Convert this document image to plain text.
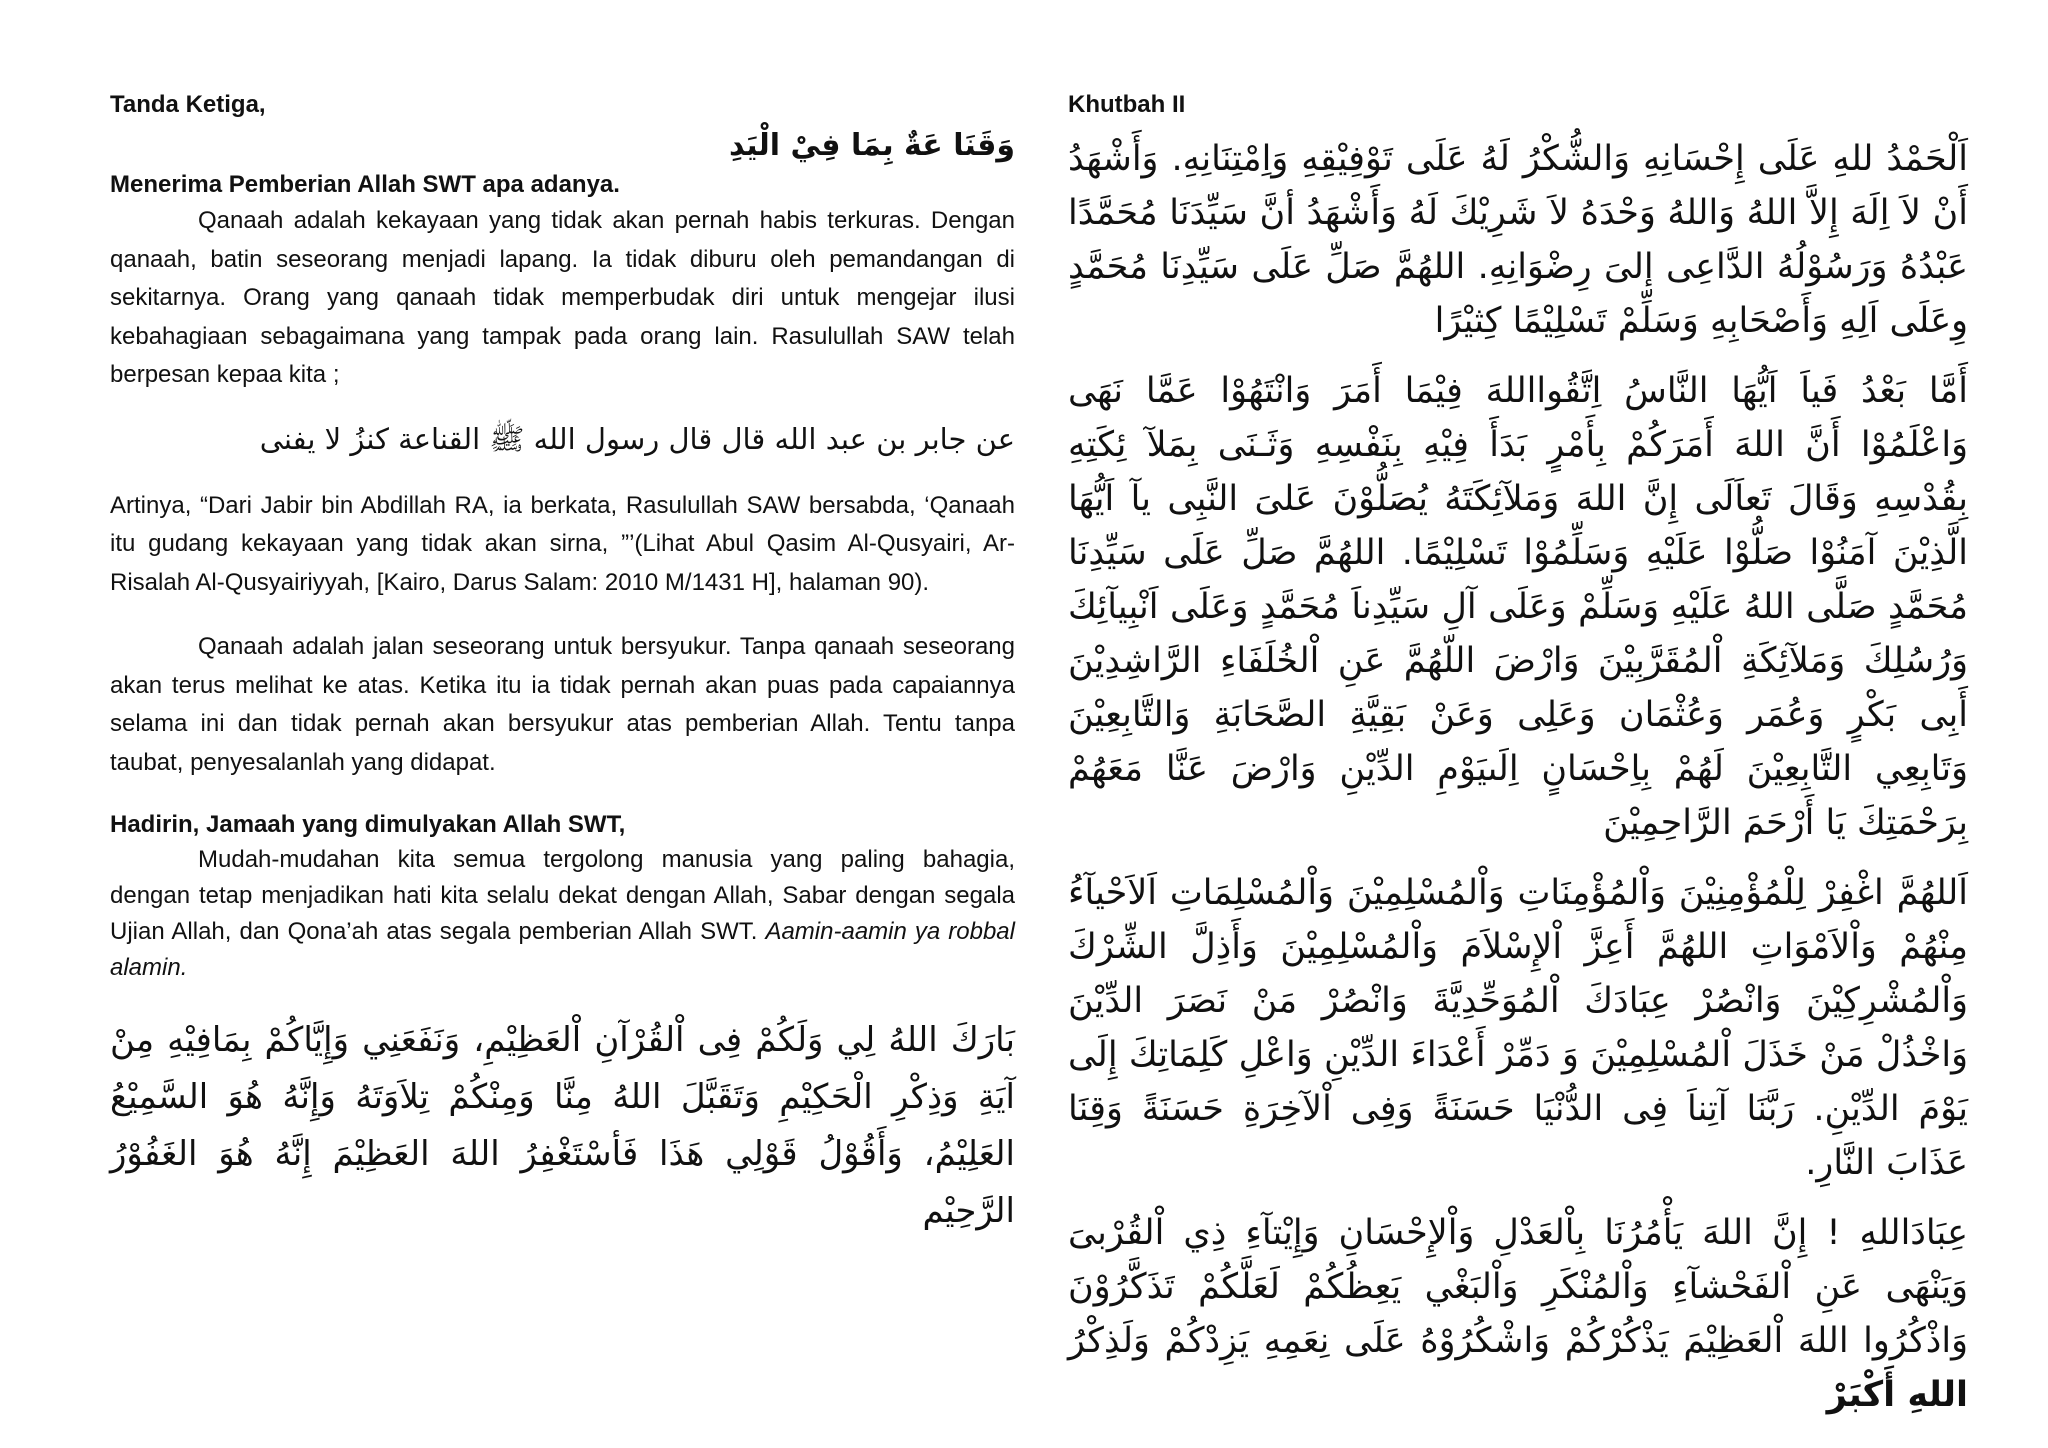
Tanda Ketiga,

وَقَنَا عَةٌ بِمَا فِيْ الْيَدِ

Menerima Pemberian Allah SWT apa adanya.

Qanaah adalah kekayaan yang tidak akan pernah habis terkuras. Dengan qanaah, batin seseorang menjadi lapang. Ia tidak diburu oleh pemandangan di sekitarnya. Orang yang qanaah tidak memperbudak diri untuk mengejar ilusi kebahagiaan sebagaimana yang tampak pada orang lain. Rasulullah SAW telah berpesan kepaa kita ;

عن جابر بن عبد الله قال قال رسول الله ﷺ القناعة كنزُ لا يفنى

Artinya, “Dari Jabir bin Abdillah RA, ia berkata, Rasulullah SAW bersabda, ‘Qanaah itu gudang kekayaan yang tidak akan sirna, ”’(Lihat Abul Qasim Al-Qusyairi, Ar-Risalah Al-Qusyairiyyah, [Kairo, Darus Salam: 2010 M/1431 H], halaman 90).

Qanaah adalah jalan seseorang untuk bersyukur. Tanpa qanaah seseorang akan terus melihat ke atas. Ketika itu ia tidak pernah akan puas pada capaiannya selama ini dan tidak pernah akan bersyukur atas pemberian Allah. Tentu tanpa taubat, penyesalanlah yang didapat.

Hadirin, Jamaah yang dimulyakan Allah SWT,

Mudah-mudahan kita semua tergolong manusia yang paling bahagia, dengan tetap menjadikan hati kita selalu dekat dengan Allah, Sabar dengan segala Ujian Allah, dan Qona’ah atas segala pemberian Allah SWT. Aamin-aamin ya robbal alamin.

بَارَكَ اللهُ لِي وَلَكُمْ فِى اْلقُرْآنِ اْلعَظِيْمِ، وَنَفَعَنِي وَإِيَّاكُمْ بِمَافِيْهِ مِنْ آيَةِ وَذِكْرِ الْحَكِيْمِ وَتَقَبَّلَ اللهُ مِنَّا وَمِنْكُمْ تِلاَوَتَهُ وَإِنَّهُ هُوَ السَّمِيْعُ العَلِيْمُ، وَأَقُوْلُ قَوْلِي هَذَا فَأسْتَغْفِرُ اللهَ العَظِيْمَ إِنَّهُ هُوَ الغَفُوْرُ الرَّحِيْم

Khutbah II

اَلْحَمْدُ للهِ عَلَى إِحْسَانِهِ وَالشُّكْرُ لَهُ عَلَى تَوْفِيْقِهِ وَاِمْتِنَانِهِ. وَأَشْهَدُ أَنْ لاَ اِلَهَ إِلاَّ اللهُ وَاللهُ وَحْدَهُ لاَ شَرِيْكَ لَهُ وَأَشْهَدُ أنَّ سَيِّدَنَا مُحَمَّدًا عَبْدُهُ وَرَسُوْلُهُ الدَّاعِى إلىَ رِضْوَانِهِ. اللهُمَّ صَلِّ عَلَى سَيِّدِنَا مُحَمَّدٍ وِعَلَى اَلِهِ وَأَصْحَابِهِ وَسَلِّمْ تَسْلِيْمًا كِثيْرًا

أَمَّا بَعْدُ فَياَ اَيُّهَا النَّاسُ اِتَّقُوااللهَ فِيْمَا أَمَرَ وَانْتَهُوْا عَمَّا نَهَى وَاعْلَمُوْا أَنَّ اللهَ أَمَرَكُمْ بِأَمْرٍ بَدَأَ فِيْهِ بِنَفْسِهِ وَثَـنَى بِمَلآ ئِكَتِهِ بِقُدْسِهِ وَقَالَ تَعاَلَى إِنَّ اللهَ وَمَلآئِكَتَهُ يُصَلُّوْنَ عَلىَ النَّبِى يآ اَيُّهَا الَّذِيْنَ آمَنُوْا صَلُّوْا عَلَيْهِ وَسَلِّمُوْا تَسْلِيْمًا. اللهُمَّ صَلِّ عَلَى سَيِّدِنَا مُحَمَّدٍ صَلَّى اللهُ عَلَيْهِ وَسَلِّمْ وَعَلَى آلِ سَيِّدِناَ مُحَمَّدٍ وَعَلَى اَنْبِيآئِكَ وَرُسُلِكَ وَمَلآئِكَةِ اْلمُقَرَّبِيْنَ وَارْضَ اللّهُمَّ عَنِ اْلخُلَفَاءِ الرَّاشِدِيْنَ أَبِى بَكْرٍ وَعُمَر وَعُثْمَان وَعَلِى وَعَنْ بَقِيَّةِ الصَّحَابَةِ وَالتَّابِعِيْنَ وَتَابِعِي التَّابِعِيْنَ لَهُمْ بِاِحْسَانٍ اِلَىيَوْمِ الدِّيْنِ وَارْضَ عَنَّا مَعَهُمْ بِرَحْمَتِكَ يَا أَرْحَمَ الرَّاحِمِيْنَ

اَللهُمَّ اغْفِرْ لِلْمُؤْمِنِيْنَ وَاْلمُؤْمِنَاتِ وَاْلمُسْلِمِيْنَ وَاْلمُسْلِمَاتِ اَلاَحْيآءُ مِنْهُمْ وَاْلاَمْوَاتِ اللهُمَّ أَعِزَّ اْلإِسْلاَمَ وَاْلمُسْلِمِيْنَ وَأَذِلَّ الشِّرْكَ وَاْلمُشْرِكِيْنَ وَانْصُرْ عِبَادَكَ اْلمُوَحِّدِيَّةَ وَانْصُرْ مَنْ نَصَرَ الدِّيْنَ وَاخْذُلْ مَنْ خَذَلَ اْلمُسْلِمِيْنَ وَ دَمِّرْ أَعْدَاءَ الدِّيْنِ وَاعْلِ كَلِمَاتِكَ إِلَى يَوْمَ الدِّيْنِ. رَبَّنَا آتِناَ فِى الدُّنْيَا حَسَنَةً وَفِى اْلآخِرَةِ حَسَنَةً وَقِنَا عَذَابَ النَّارِ.

عِبَادَاللهِ ! إِنَّ اللهَ يَأْمُرُنَا بِاْلعَدْلِ وَاْلإِحْسَانِ وَإِيْتآءِ ذِي اْلقُرْبىَ وَيَنْهَى عَنِ اْلفَحْشآءِ وَاْلمُنْكَرِ وَاْلبَغْي يَعِظُكُمْ لَعَلَّكُمْ تَذَكَّرُوْنَ وَاذْكُرُوا اللهَ اْلعَظِيْمَ يَذْكُرْكُمْ وَاشْكُرُوْهُ عَلَى نِعَمِهِ يَزِدْكُمْ وَلَذِكْرُ اللهِ أَكْبَرْ
